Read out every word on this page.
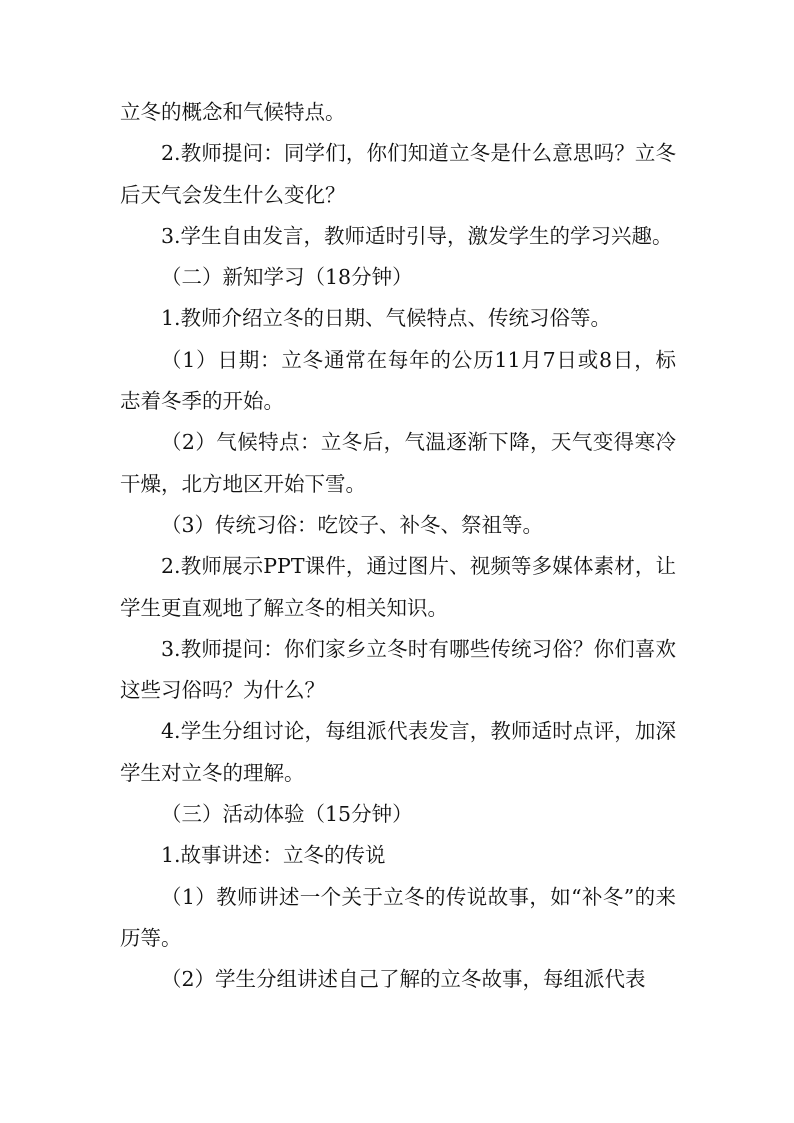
立冬的概念和气候特点。

2.教师提问：同学们，你们知道立冬是什么意思吗？立冬后天气会发生什么变化？

3.学生自由发言，教师适时引导，激发学生的学习兴趣。

（二）新知学习（18分钟）

1.教师介绍立冬的日期、气候特点、传统习俗等。

（1）日期：立冬通常在每年的公历11月7日或8日，标志着冬季的开始。

（2）气候特点：立冬后，气温逐渐下降，天气变得寒冷干燥，北方地区开始下雪。

（3）传统习俗：吃饺子、补冬、祭祖等。

2.教师展示PPT课件，通过图片、视频等多媒体素材，让学生更直观地了解立冬的相关知识。

3.教师提问：你们家乡立冬时有哪些传统习俗？你们喜欢这些习俗吗？为什么？

4.学生分组讨论，每组派代表发言，教师适时点评，加深学生对立冬的理解。

（三）活动体验（15分钟）

1.故事讲述：立冬的传说

（1）教师讲述一个关于立冬的传说故事，如“补冬”的来历等。

（2）学生分组讲述自己了解的立冬故事，每组派代表
